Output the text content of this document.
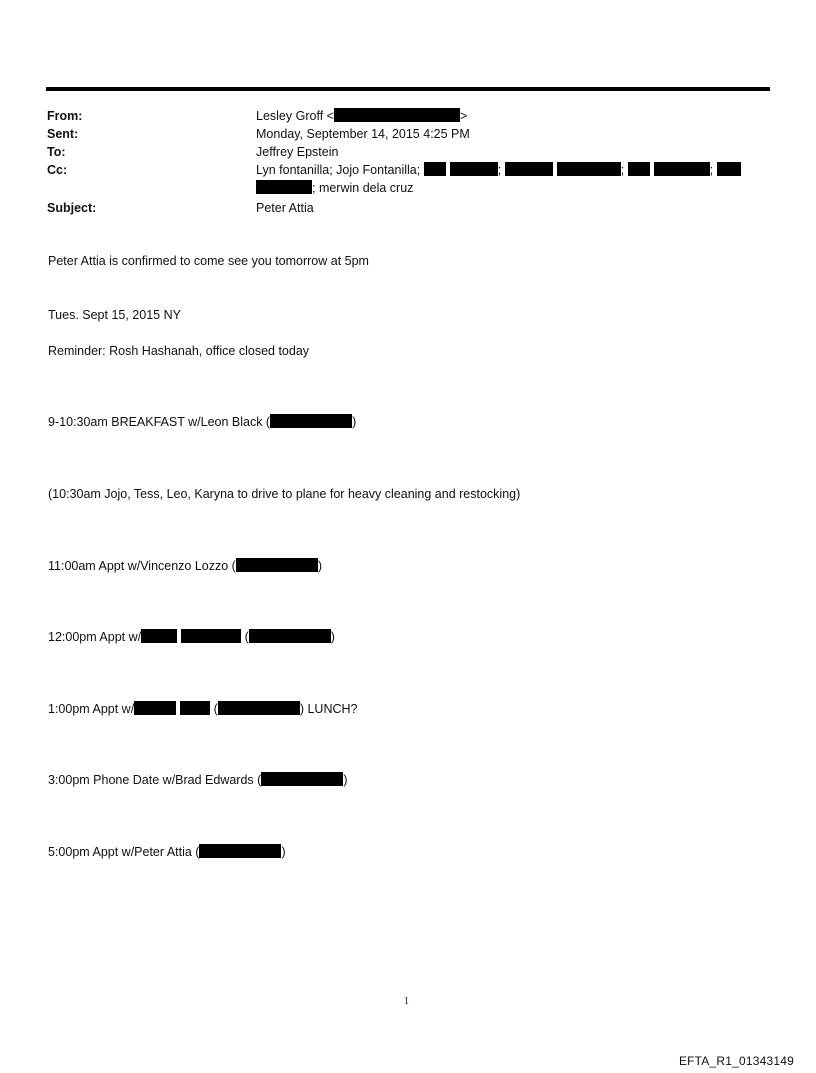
From:	Lesley Groff <	>
Sent:	Monday, September 14, 2015 4:25 PM
To:	Jeffrey Epstein
Cc:	Lyn fontanilla; Jojo Fontanilla;	;	;	;
; merwin dela cruz
Subject:	Peter Attia
Peter Attia is confirmed to come see you tomorrow at 5pm
Tues. Sept 15, 2015 NY
Reminder: Rosh Hashanah, office closed today
9-10:30am BREAKFAST w/Leon Black (	)
(10:30am Jojo, Tess, Leo, Karyna to drive to plane for heavy cleaning and restocking)
11:00am Appt w/Vincenzo Lozzo (	)
12:00pm Appt w/	(	)
1:00pm Appt w/	(	) LUNCH?
3:00pm Phone Date w/Brad Edwards (	)
5:00pm Appt w/Peter Attia (	)
1
EFTA_R1_01343149
